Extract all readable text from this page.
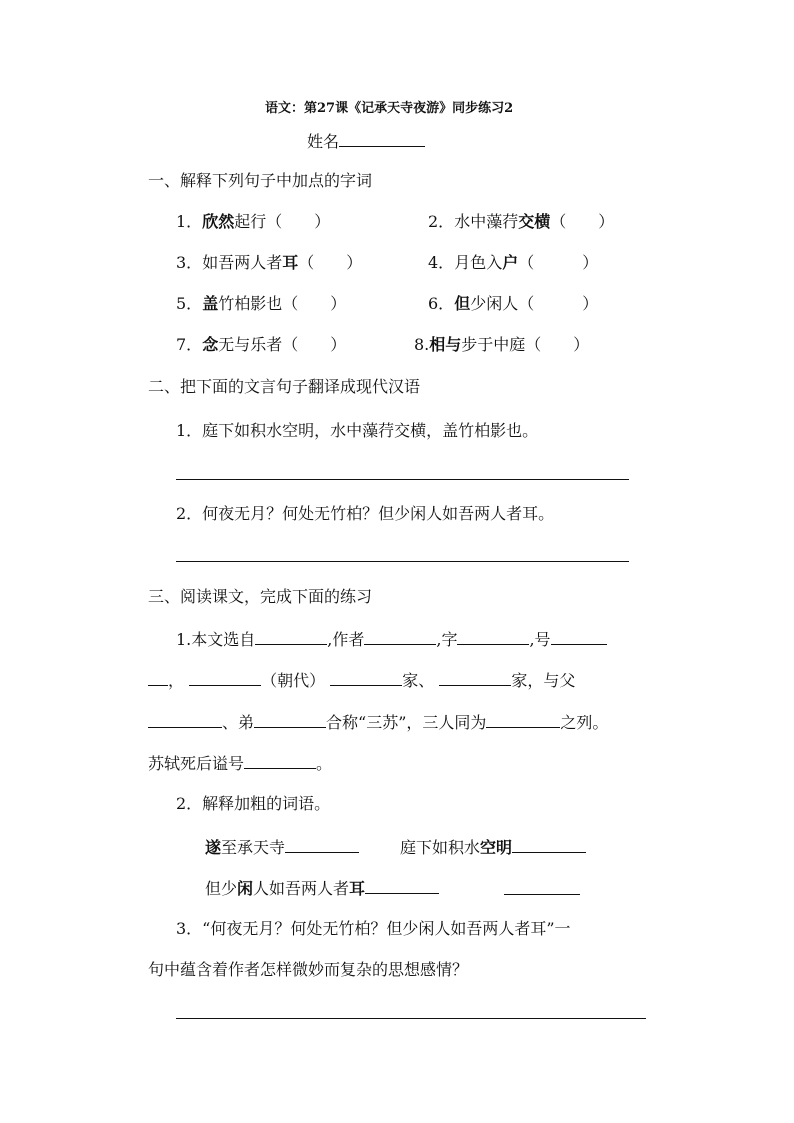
语文：第27课《记承天寺夜游》同步练习2
姓名
一、解释下列句子中加点的字词
1．欣然起行（　　）	2．水中藻荇交横（　　）
3．如吾两人者耳（　　）	4．月色入户（　　　）
5．盖竹柏影也（　　）	6．但少闲人（　　　）
7．念无与乐者（　　）	8.相与步于中庭（　　）
二、把下面的文言句子翻译成现代汉语
1．庭下如积水空明，水中藻荇交横，盖竹柏影也。
2．何夜无月？何处无竹柏？但少闲人如吾两人者耳。
三、阅读课文，完成下面的练习
1.本文选自	,作者	,字	,号
，	（朝代）	家、	家，与父
、弟	合称“三苏”，三人同为	之列。
苏轼死后谥号	。
2．解释加粗的词语。
遂至承天寺	庭下如积水空明
但少闲人如吾两人者耳
3．“何夜无月？何处无竹柏？但少闲人如吾两人者耳”一
句中蕴含着作者怎样微妙而复杂的思想感情？
